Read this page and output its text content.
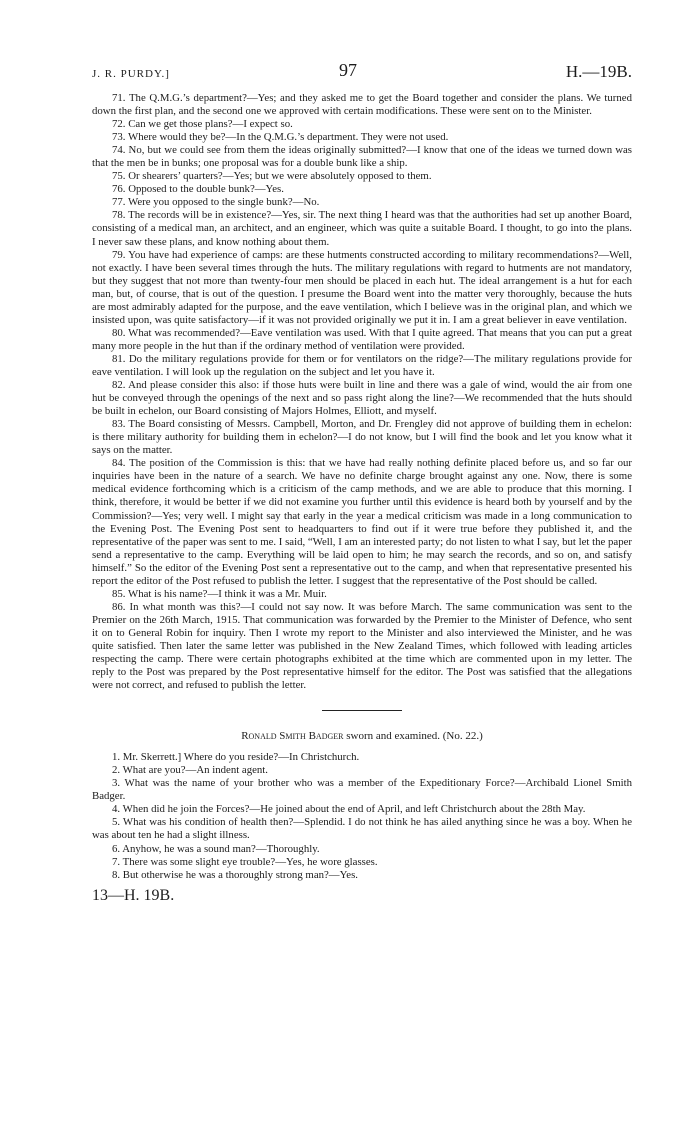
J. R. PURDY.]	97	H.—19B.

71. The Q.M.G.’s department?—Yes; and they asked me to get the Board together and consider the plans. We turned down the first plan, and the second one we approved with certain modifications. These were sent on to the Minister.

72. Can we get those plans?—I expect so.

73. Where would they be?—In the Q.M.G.’s department. They were not used.

74. No, but we could see from them the ideas originally submitted?—I know that one of the ideas we turned down was that the men be in bunks; one proposal was for a double bunk like a ship.

75. Or shearers’ quarters?—Yes; but we were absolutely opposed to them.

76. Opposed to the double bunk?—Yes.

77. Were you opposed to the single bunk?—No.

78. The records will be in existence?—Yes, sir. The next thing I heard was that the authorities had set up another Board, consisting of a medical man, an architect, and an engineer, which was quite a suitable Board. I thought, to go into the plans. I never saw these plans, and know nothing about them.

79. You have had experience of camps: are these hutments constructed according to military recommendations?—Well, not exactly. I have been several times through the huts. The military regulations with regard to hutments are not mandatory, but they suggest that not more than twenty-four men should be placed in each hut. The ideal arrangement is a hut for each man, but, of course, that is out of the question. I presume the Board went into the matter very thoroughly, because the huts are most admirably adapted for the purpose, and the eave ventilation, which I believe was in the original plan, and which we insisted upon, was quite satisfactory—if it was not provided originally we put it in. I am a great believer in eave ventilation.

80. What was recommended?—Eave ventilation was used. With that I quite agreed. That means that you can put a great many more people in the hut than if the ordinary method of ventilation were provided.

81. Do the military regulations provide for them or for ventilators on the ridge?—The military regulations provide for eave ventilation. I will look up the regulation on the subject and let you have it.

82. And please consider this also: if those huts were built in line and there was a gale of wind, would the air from one hut be conveyed through the openings of the next and so pass right along the line?—We recommended that the huts should be built in echelon, our Board consisting of Majors Holmes, Elliott, and myself.

83. The Board consisting of Messrs. Campbell, Morton, and Dr. Frengley did not approve of building them in echelon: is there military authority for building them in echelon?—I do not know, but I will find the book and let you know what it says on the matter.

84. The position of the Commission is this: that we have had really nothing definite placed before us, and so far our inquiries have been in the nature of a search. We have no definite charge brought against any one. Now, there is some medical evidence forthcoming which is a criticism of the camp methods, and we are able to produce that this morning. I think, therefore, it would be better if we did not examine you further until this evidence is heard both by yourself and by the Commission?—Yes; very well. I might say that early in the year a medical criticism was made in a long communication to the Evening Post. The Evening Post sent to headquarters to find out if it were true before they published it, and the representative of the paper was sent to me. I said, “Well, I am an interested party; do not listen to what I say, but let the paper send a representative to the camp. Everything will be laid open to him; he may search the records, and so on, and satisfy himself.” So the editor of the Evening Post sent a representative out to the camp, and when that representative presented his report the editor of the Post refused to publish the letter. I suggest that the representative of the Post should be called.

85. What is his name?—I think it was a Mr. Muir.

86. In what month was this?—I could not say now. It was before March. The same communication was sent to the Premier on the 26th March, 1915. That communication was forwarded by the Premier to the Minister of Defence, who sent it on to General Robin for inquiry. Then I wrote my report to the Minister and also interviewed the Minister, and he was quite satisfied. Then later the same letter was published in the New Zealand Times, which followed with leading articles respecting the camp. There were certain photographs exhibited at the time which are commented upon in my letter. The reply to the Post was prepared by the Post representative himself for the editor. The Post was satisfied that the allegations were not correct, and refused to publish the letter.

Ronald Smith Badger sworn and examined. (No. 22.)

1. Mr. Skerrett.] Where do you reside?—In Christchurch.

2. What are you?—An indent agent.

3. What was the name of your brother who was a member of the Expeditionary Force?—Archibald Lionel Smith Badger.

4. When did he join the Forces?—He joined about the end of April, and left Christchurch about the 28th May.

5. What was his condition of health then?—Splendid. I do not think he has ailed anything since he was a boy. When he was about ten he had a slight illness.

6. Anyhow, he was a sound man?—Thoroughly.

7. There was some slight eye trouble?—Yes, he wore glasses.

8. But otherwise he was a thoroughly strong man?—Yes.

13—H. 19B.
